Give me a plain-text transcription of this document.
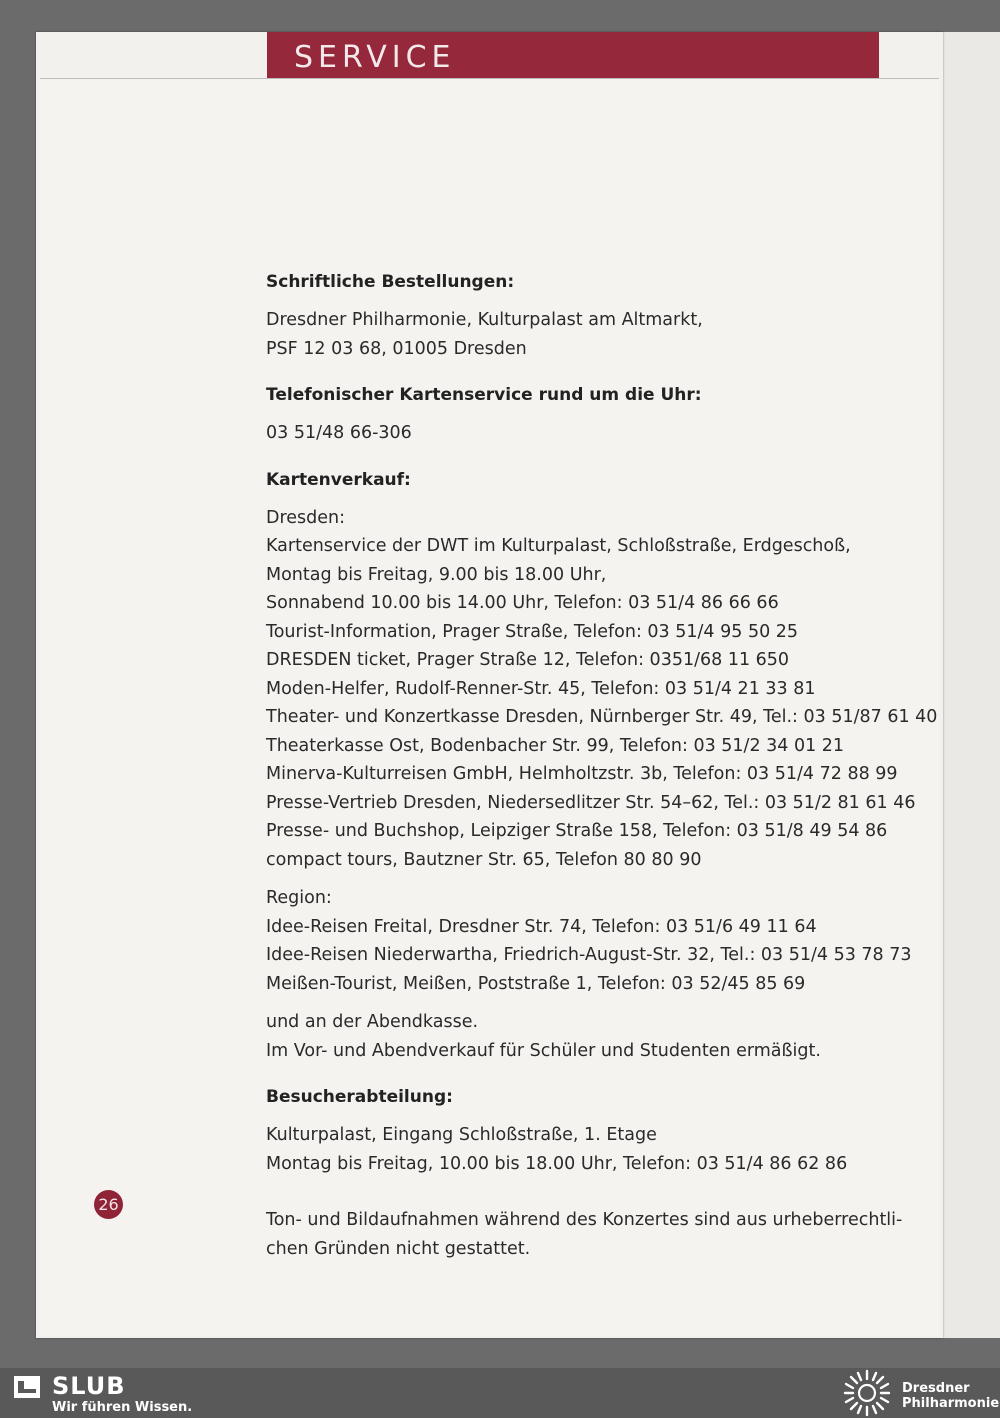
SERVICE
Schriftliche Bestellungen:
Dresdner Philharmonie, Kulturpalast am Altmarkt,
PSF 12 03 68, 01005 Dresden
Telefonischer Kartenservice rund um die Uhr:
03 51/48 66-306
Kartenverkauf:
Dresden:
Kartenservice der DWT im Kulturpalast, Schloßstraße, Erdgeschoß,
Montag bis Freitag, 9.00 bis 18.00 Uhr,
Sonnabend 10.00 bis 14.00 Uhr, Telefon: 03 51/4 86 66 66
Tourist-Information, Prager Straße, Telefon: 03 51/4 95 50 25
DRESDEN ticket, Prager Straße 12, Telefon: 0351/68 11 650
Moden-Helfer, Rudolf-Renner-Str. 45, Telefon: 03 51/4 21 33 81
Theater- und Konzertkasse Dresden, Nürnberger Str. 49, Tel.: 03 51/87 61 40
Theaterkasse Ost, Bodenbacher Str. 99, Telefon: 03 51/2 34 01 21
Minerva-Kulturreisen GmbH, Helmholtzstr. 3b, Telefon: 03 51/4 72 88 99
Presse-Vertrieb Dresden, Niedersedlitzer Str. 54–62, Tel.: 03 51/2 81 61 46
Presse- und Buchshop, Leipziger Straße 158, Telefon: 03 51/8 49 54 86
compact tours, Bautzner Str. 65, Telefon 80 80 90
Region:
Idee-Reisen Freital, Dresdner Str. 74, Telefon: 03 51/6 49 11 64
Idee-Reisen Niederwartha, Friedrich-August-Str. 32, Tel.: 03 51/4 53 78 73
Meißen-Tourist, Meißen, Poststraße 1, Telefon: 03 52/45 85 69
und an der Abendkasse.
Im Vor- und Abendverkauf für Schüler und Studenten ermäßigt.
Besucherabteilung:
Kulturpalast, Eingang Schloßstraße, 1. Etage
Montag bis Freitag, 10.00 bis 18.00 Uhr, Telefon: 03 51/4 86 62 86
Ton- und Bildaufnahmen während des Konzertes sind aus urheberrechtli-
chen Gründen nicht gestattet.
26
SLUB
Wir führen Wissen.
Dresdner
Philharmonie
